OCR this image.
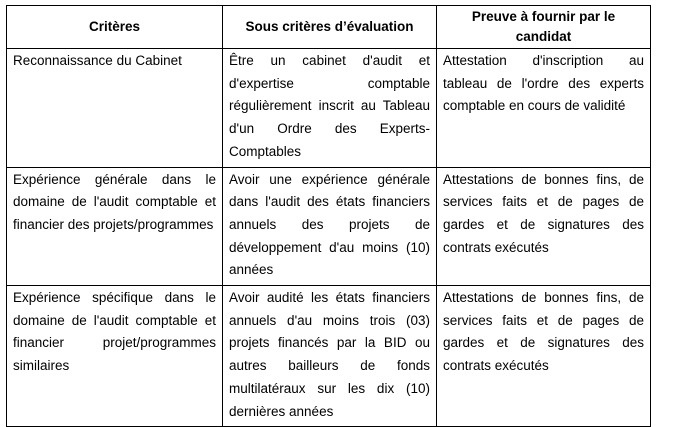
Critères	Sous critères d’évaluation	Preuve à fournir par le candidat
Reconnaissance du Cabinet	Être un cabinet d'audit et d'expertise comptable régulièrement inscrit au Tableau d'un Ordre des Experts-Comptables	Attestation d'inscription au tableau de l'ordre des experts comptable en cours de validité
Expérience générale dans le domaine de l'audit comptable et financier des projets/programmes	Avoir une expérience générale dans l'audit des états financiers annuels des projets de développement d'au moins (10) années	Attestations de bonnes fins, de services faits et de pages de gardes et de signatures des contrats exécutés
Expérience spécifique dans le domaine de l'audit comptable et financier projet/programmes similaires	Avoir audité les états financiers annuels d'au moins trois (03) projets financés par la BID ou autres bailleurs de fonds multilatéraux sur les dix (10) dernières années	Attestations de bonnes fins, de services faits et de pages de gardes et de signatures des contrats exécutés
